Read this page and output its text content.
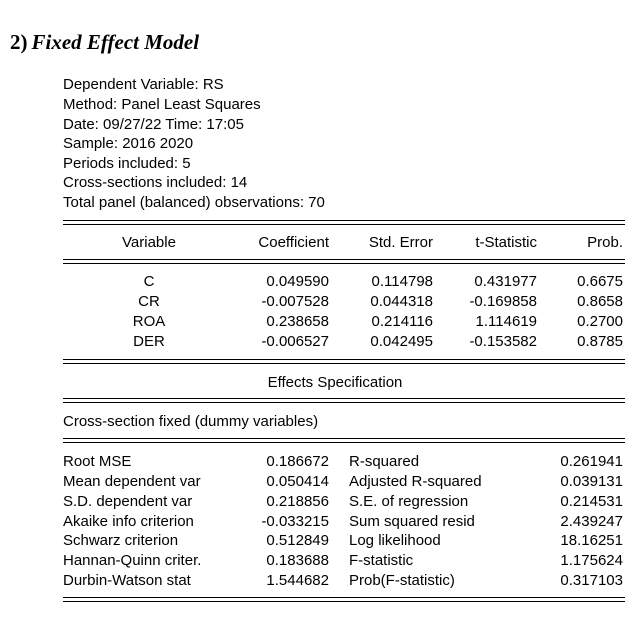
2) Fixed Effect Model
Dependent Variable: RS
Method: Panel Least Squares
Date: 09/27/22 Time: 17:05
Sample: 2016 2020
Periods included: 5
Cross-sections included: 14
Total panel (balanced) observations: 70
Variable	Coefficient	Std. Error	t-Statistic	Prob.
C	0.049590	0.114798	0.431977	0.6675
CR	-0.007528	0.044318	-0.169858	0.8658
ROA	0.238658	0.214116	1.114619	0.2700
DER	-0.006527	0.042495	-0.153582	0.8785
Effects Specification
Cross-section fixed (dummy variables)
Root MSE	0.186672 R-squared	0.261941
Mean dependent var	0.050414 Adjusted R-squared	0.039131
S.D. dependent var	0.218856 S.E. of regression	0.214531
Akaike info criterion	-0.033215 Sum squared resid	2.439247
Schwarz criterion	0.512849 Log likelihood	18.16251
Hannan-Quinn criter.	0.183688 F-statistic	1.175624
Durbin-Watson stat	1.544682 Prob(F-statistic)	0.317103
